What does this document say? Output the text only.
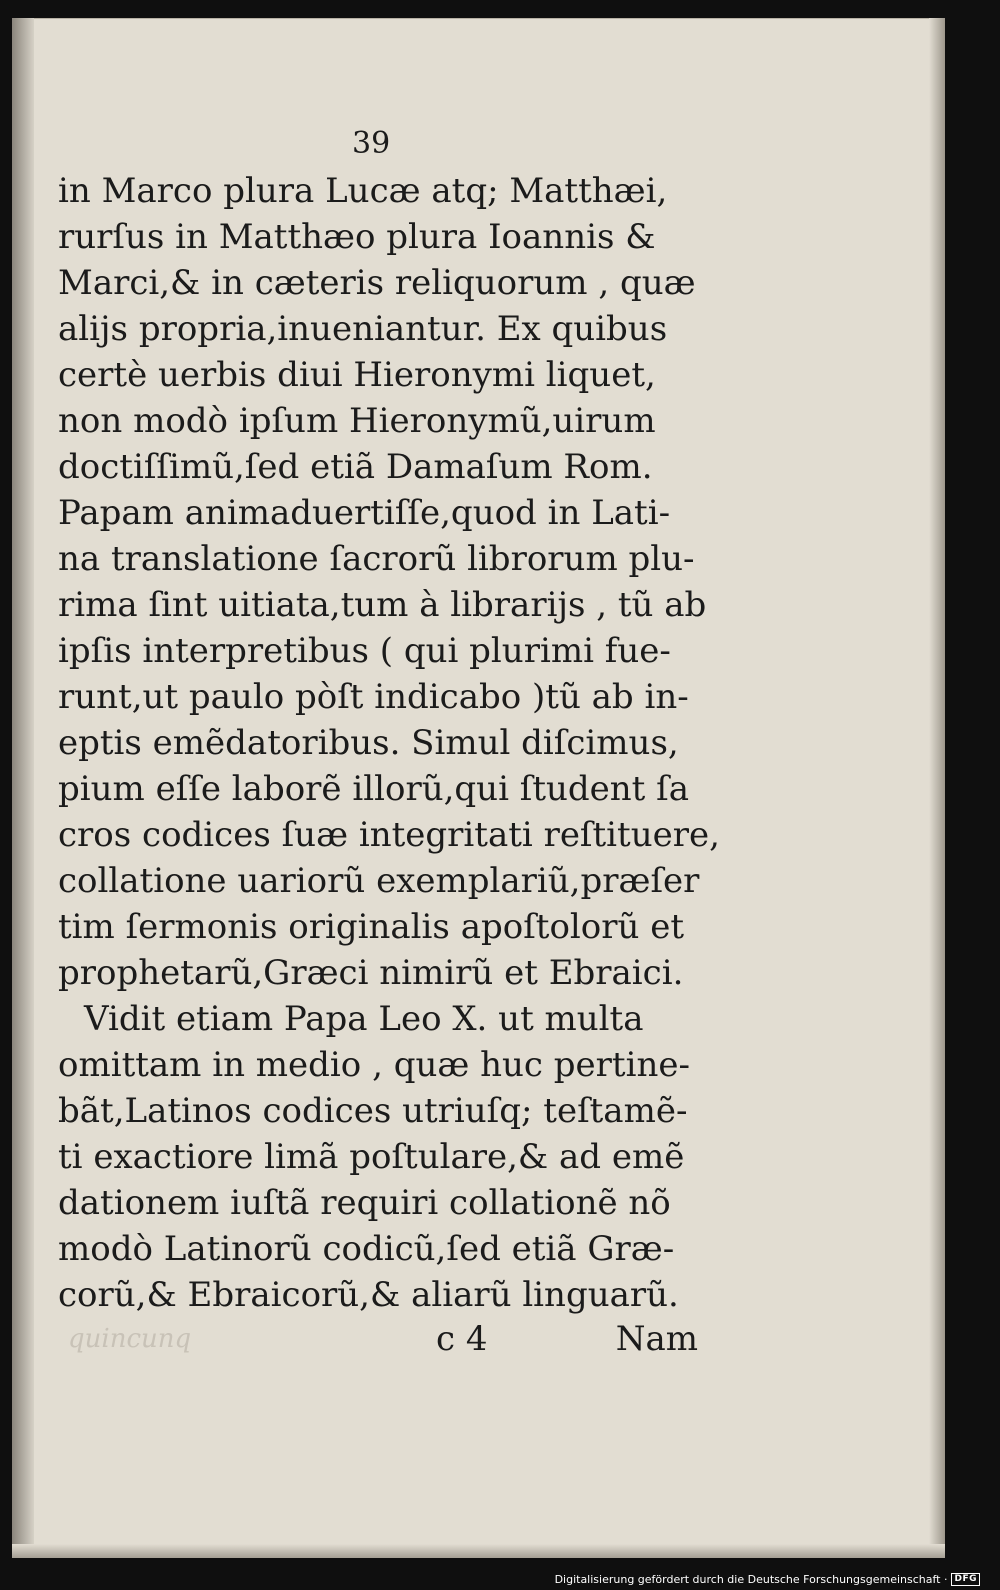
39
in Marco plura Lucæ atq; Matthæi,
rurſus in Matthæo plura Ioannis &
Marci,& in cæteris reliquorum , quæ
alijs propria,inueniantur. Ex quibus
certè uerbis diui Hieronymi liquet,
non modò ipſum Hieronymũ,uirum
doctiſſimũ,ſed etiã Damaſum Rom.
Papam animaduertiſſe,quod in Lati-
na translatione ſacrorũ librorum plu-
rima ſint uitiata,tum à librarijs , tũ ab
ipſis interpretibus ( qui plurimi fue-
runt,ut paulo pòſt indicabo )tũ ab in-
eptis emẽdatoribus. Simul diſcimus,
pium eſſe laborẽ illorũ,qui ſtudent ſa
cros codices ſuæ integritati reſtituere,
collatione uariorũ exemplariũ,præſer
tim ſermonis originalis apoſtolorũ et
prophetarũ,Græci nimirũ et Ebraici.
Vidit etiam Papa Leo X. ut multa
omittam in medio , quæ huc pertine-
bãt,Latinos codices utriuſq; teſtamẽ-
ti exactiore limã poſtulare,& ad emẽ
dationem iuſtã requiri collationẽ nõ
modò Latinorũ codicũ,ſed etiã Græ-
corũ,& Ebraicorũ,& aliarũ linguarũ.
quincunq	c 4	Nam
Digitalisierung gefördert durch die Deutsche Forschungsgemeinschaft · DFG
